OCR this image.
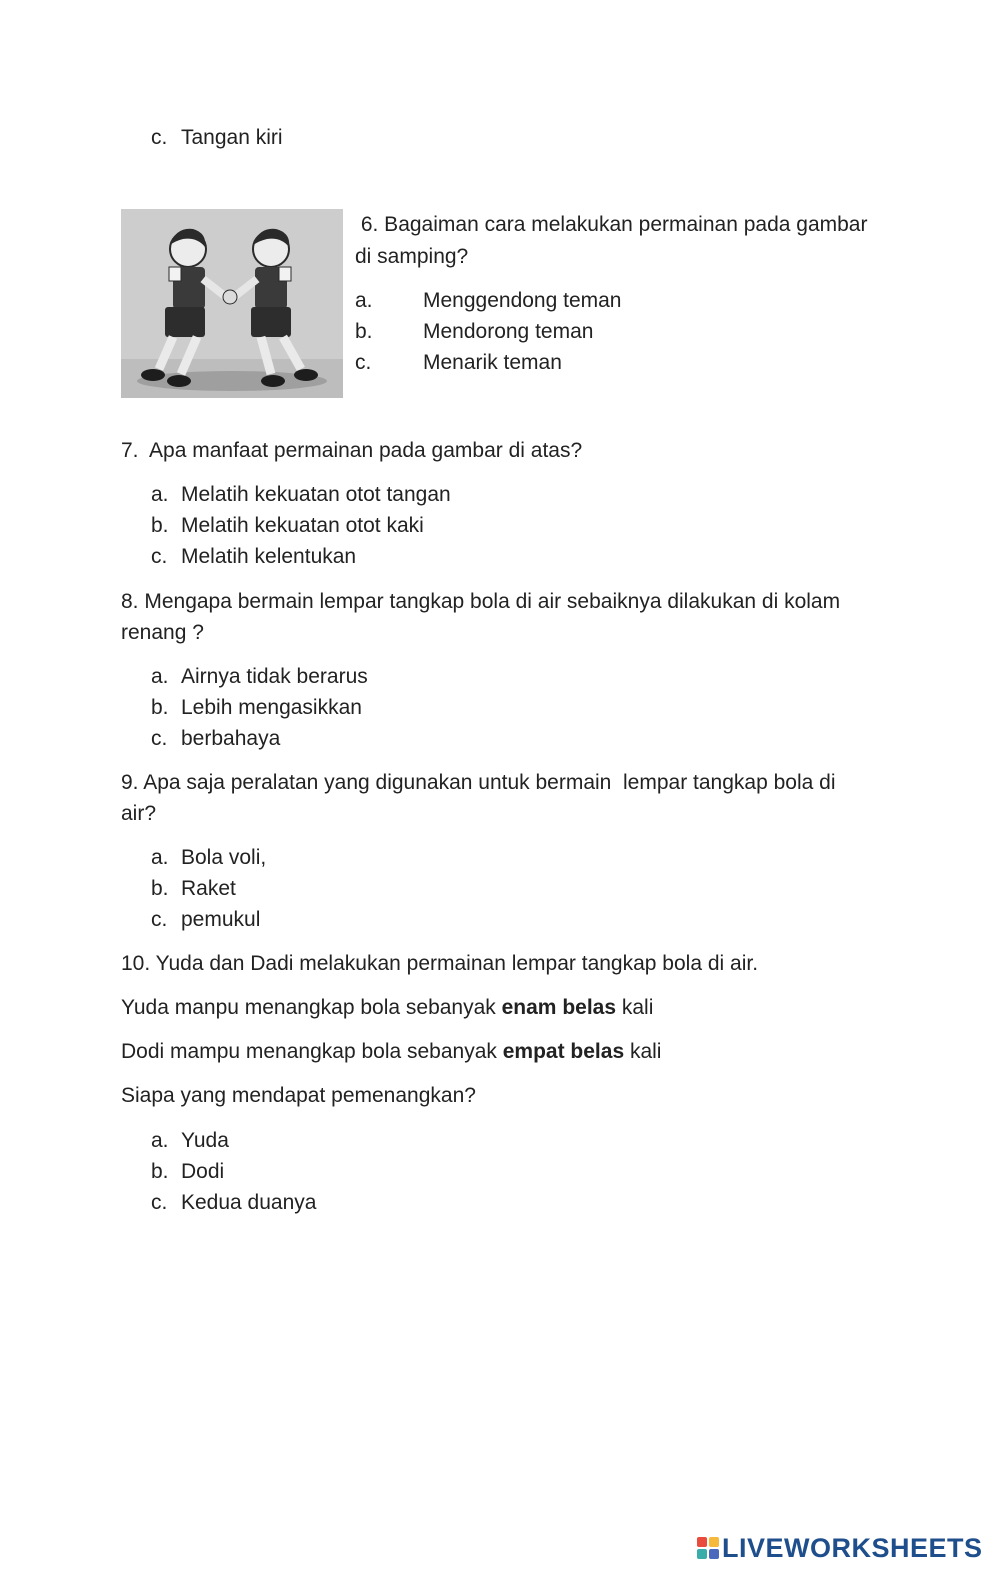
c. Tangan kiri
6. Bagaiman cara melakukan permainan pada gambar
di samping?
a. Menggendong teman
b. Mendorong teman
c. Menarik teman
7.  Apa manfaat permainan pada gambar di atas?
a. Melatih kekuatan otot tangan
b. Melatih kekuatan otot kaki
c. Melatih kelentukan
8. Mengapa bermain lempar tangkap bola di air sebaiknya dilakukan di kolam
renang ?
a. Airnya tidak berarus
b. Lebih mengasikkan
c. berbahaya
9. Apa saja peralatan yang digunakan untuk bermain  lempar tangkap bola di
air?
a. Bola voli,
b. Raket
c. pemukul
10. Yuda dan Dadi melakukan permainan lempar tangkap bola di air.
Yuda manpu menangkap bola sebanyak enam belas kali
Dodi mampu menangkap bola sebanyak empat belas kali
Siapa yang mendapat pemenangkan?
a. Yuda
b. Dodi
c. Kedua duanya
LIVEWORKSHEETS
